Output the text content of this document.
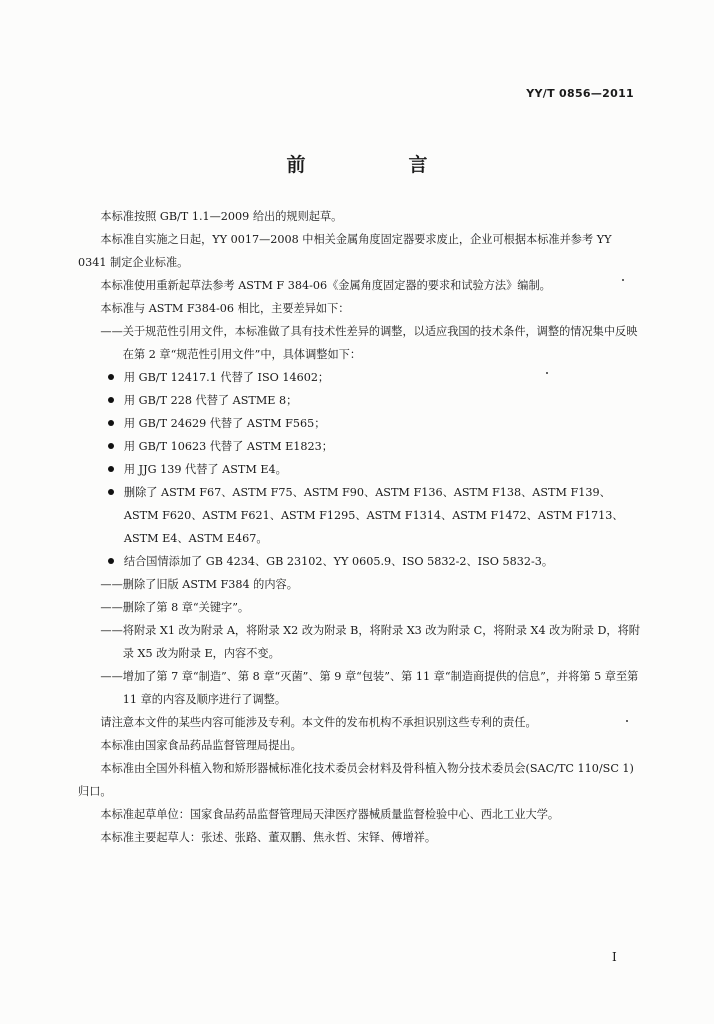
YY/T 0856—2011
前　言

本标准按照 GB/T 1.1—2009 给出的规则起草。

本标准自实施之日起，YY 0017—2008 中相关金属角度固定器要求废止，企业可根据本标准并参考 YY 0341 制定企业标准。

本标准使用重新起草法参考 ASTM F 384-06《金属角度固定器的要求和试验方法》编制。

本标准与 ASTM F384-06 相比，主要差异如下：

——关于规范性引用文件，本标准做了具有技术性差异的调整，以适应我国的技术条件，调整的情况集中反映在第 2 章“规范性引用文件”中，具体调整如下：

用 GB/T 12417.1 代替了 ISO 14602；
用 GB/T 228 代替了 ASTME 8；
用 GB/T 24629 代替了 ASTM F565；
用 GB/T 10623 代替了 ASTM E1823；
用 JJG 139 代替了 ASTM E4。
删除了 ASTM F67、ASTM F75、ASTM F90、ASTM F136、ASTM F138、ASTM F139、ASTM F620、ASTM F621、ASTM F1295、ASTM F1314、ASTM F1472、ASTM F1713、ASTM E4、ASTM E467。
结合国情添加了 GB 4234、GB 23102、YY 0605.9、ISO 5832-2、ISO 5832-3。

——删除了旧版 ASTM F384 的内容。

——删除了第 8 章“关键字”。

——将附录 X1 改为附录 A，将附录 X2 改为附录 B，将附录 X3 改为附录 C，将附录 X4 改为附录 D，将附录 X5 改为附录 E，内容不变。

——增加了第 7 章“制造”、第 8 章“灭菌”、第 9 章“包装”、第 11 章“制造商提供的信息”，并将第 5 章至第 11 章的内容及顺序进行了调整。

请注意本文件的某些内容可能涉及专利。本文件的发布机构不承担识别这些专利的责任。

本标准由国家食品药品监督管理局提出。

本标准由全国外科植入物和矫形器械标准化技术委员会材料及骨科植入物分技术委员会(SAC/TC 110/SC 1)归口。

本标准起草单位：国家食品药品监督管理局天津医疗器械质量监督检验中心、西北工业大学。

本标准主要起草人：张述、张路、董双鹏、焦永哲、宋铎、傅增祥。

I
